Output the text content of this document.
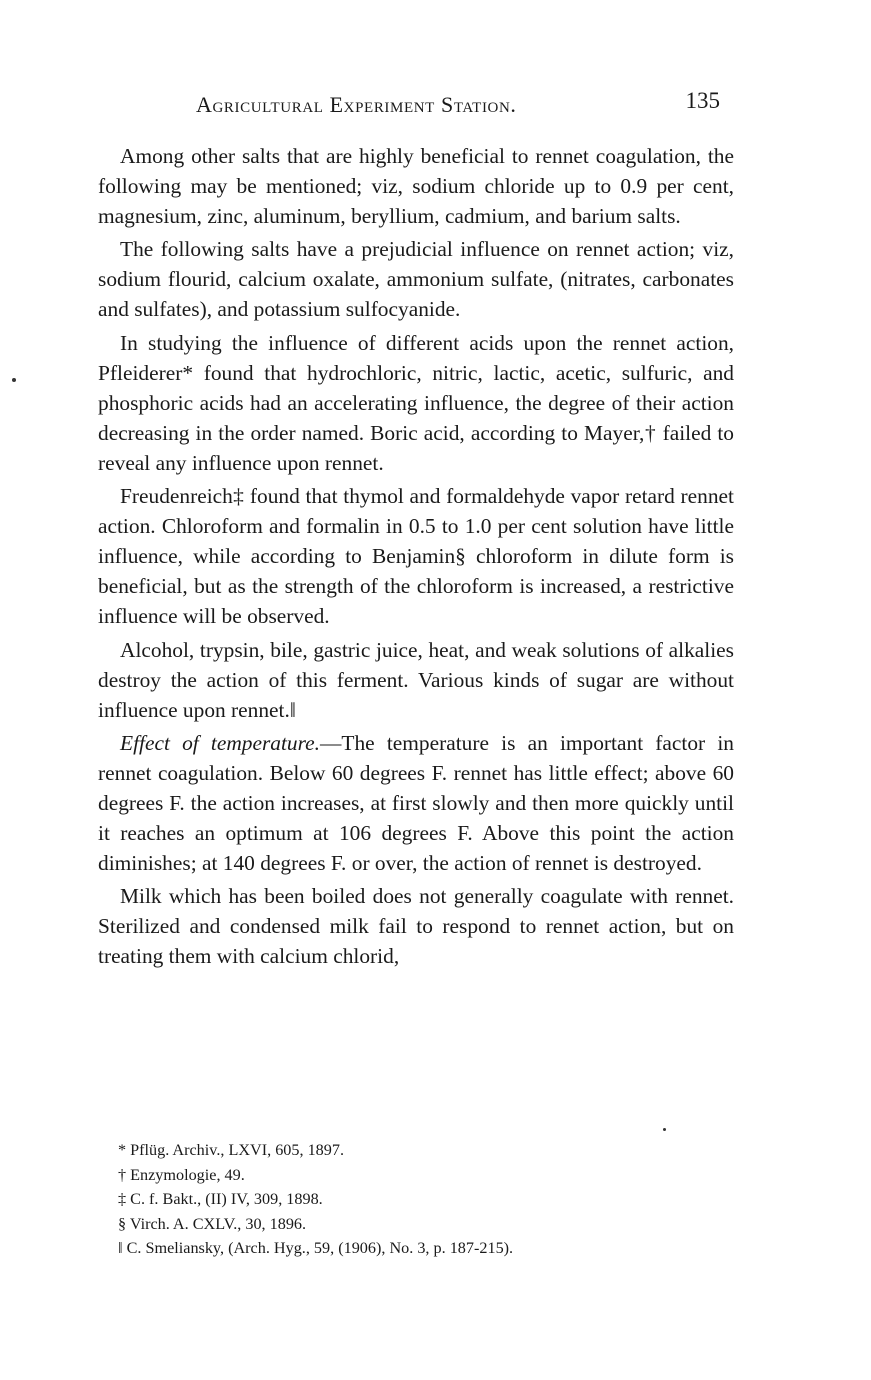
Agricultural Experiment Station.	135

Among other salts that are highly beneficial to rennet coagulation, the following may be mentioned; viz, sodium chloride up to 0.9 per cent, magnesium, zinc, aluminum, beryllium, cadmium, and barium salts.

The following salts have a prejudicial influence on rennet action; viz, sodium flourid, calcium oxalate, ammonium sulfate, (nitrates, carbonates and sulfates), and potassium sulfocyanide.

In studying the influence of different acids upon the rennet action, Pfleiderer* found that hydrochloric, nitric, lactic, acetic, sulfuric, and phosphoric acids had an accelerating influence, the degree of their action decreasing in the order named. Boric acid, according to Mayer,† failed to reveal any influence upon rennet.

Freudenreich‡ found that thymol and formaldehyde vapor retard rennet action. Chloroform and formalin in 0.5 to 1.0 per cent solution have little influence, while according to Benjamin§ chloroform in dilute form is beneficial, but as the strength of the chloroform is increased, a restrictive influence will be observed.

Alcohol, trypsin, bile, gastric juice, heat, and weak solutions of alkalies destroy the action of this ferment. Various kinds of sugar are without influence upon rennet.‖

Effect of temperature.—The temperature is an important factor in rennet coagulation. Below 60 degrees F. rennet has little effect; above 60 degrees F. the action increases, at first slowly and then more quickly until it reaches an optimum at 106 degrees F. Above this point the action diminishes; at 140 degrees F. or over, the action of rennet is destroyed.

Milk which has been boiled does not generally coagulate with rennet. Sterilized and condensed milk fail to respond to rennet action, but on treating them with calcium chlorid,

* Pflüg. Archiv., LXVI, 605, 1897.
† Enzymologie, 49.
‡ C. f. Bakt., (II) IV, 309, 1898.
§ Virch. A. CXLV., 30, 1896.
‖ C. Smeliansky, (Arch. Hyg., 59, (1906), No. 3, p. 187-215).
